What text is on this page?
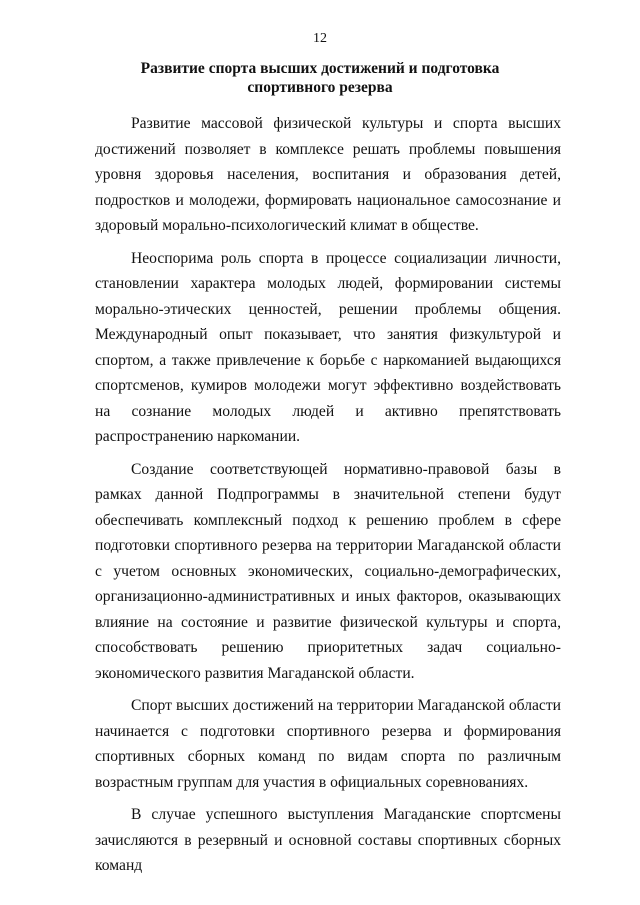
12
Развитие спорта высших достижений и подготовка спортивного резерва

Развитие массовой физической культуры и спорта высших достижений позволяет в комплексе решать проблемы повышения уровня здоровья населения, воспитания и образования детей, подростков и молодежи, формировать национальное самосознание и здоровый морально-психологический климат в обществе.

Неоспорима роль спорта в процессе социализации личности, становлении характера молодых людей, формировании системы морально-этических ценностей, решении проблемы общения. Международный опыт показывает, что занятия физкультурой и спортом, а также привлечение к борьбе с наркоманией выдающихся спортсменов, кумиров молодежи могут эффективно воздействовать на сознание молодых людей и активно препятствовать распространению наркомании.

Создание соответствующей нормативно-правовой базы в рамках данной Подпрограммы в значительной степени будут обеспечивать комплексный подход к решению проблем в сфере подготовки спортивного резерва на территории Магаданской области с учетом основных экономических, социально-демографических, организационно-административных и иных факторов, оказывающих влияние на состояние и развитие физической культуры и спорта, способствовать решению приоритетных задач социально-экономического развития Магаданской области.

Спорт высших достижений на территории Магаданской области начинается с подготовки спортивного резерва и формирования спортивных сборных команд по видам спорта по различным возрастным группам для участия в официальных соревнованиях.

В случае успешного выступления Магаданские спортсмены зачисляются в резервный и основной составы спортивных сборных команд
